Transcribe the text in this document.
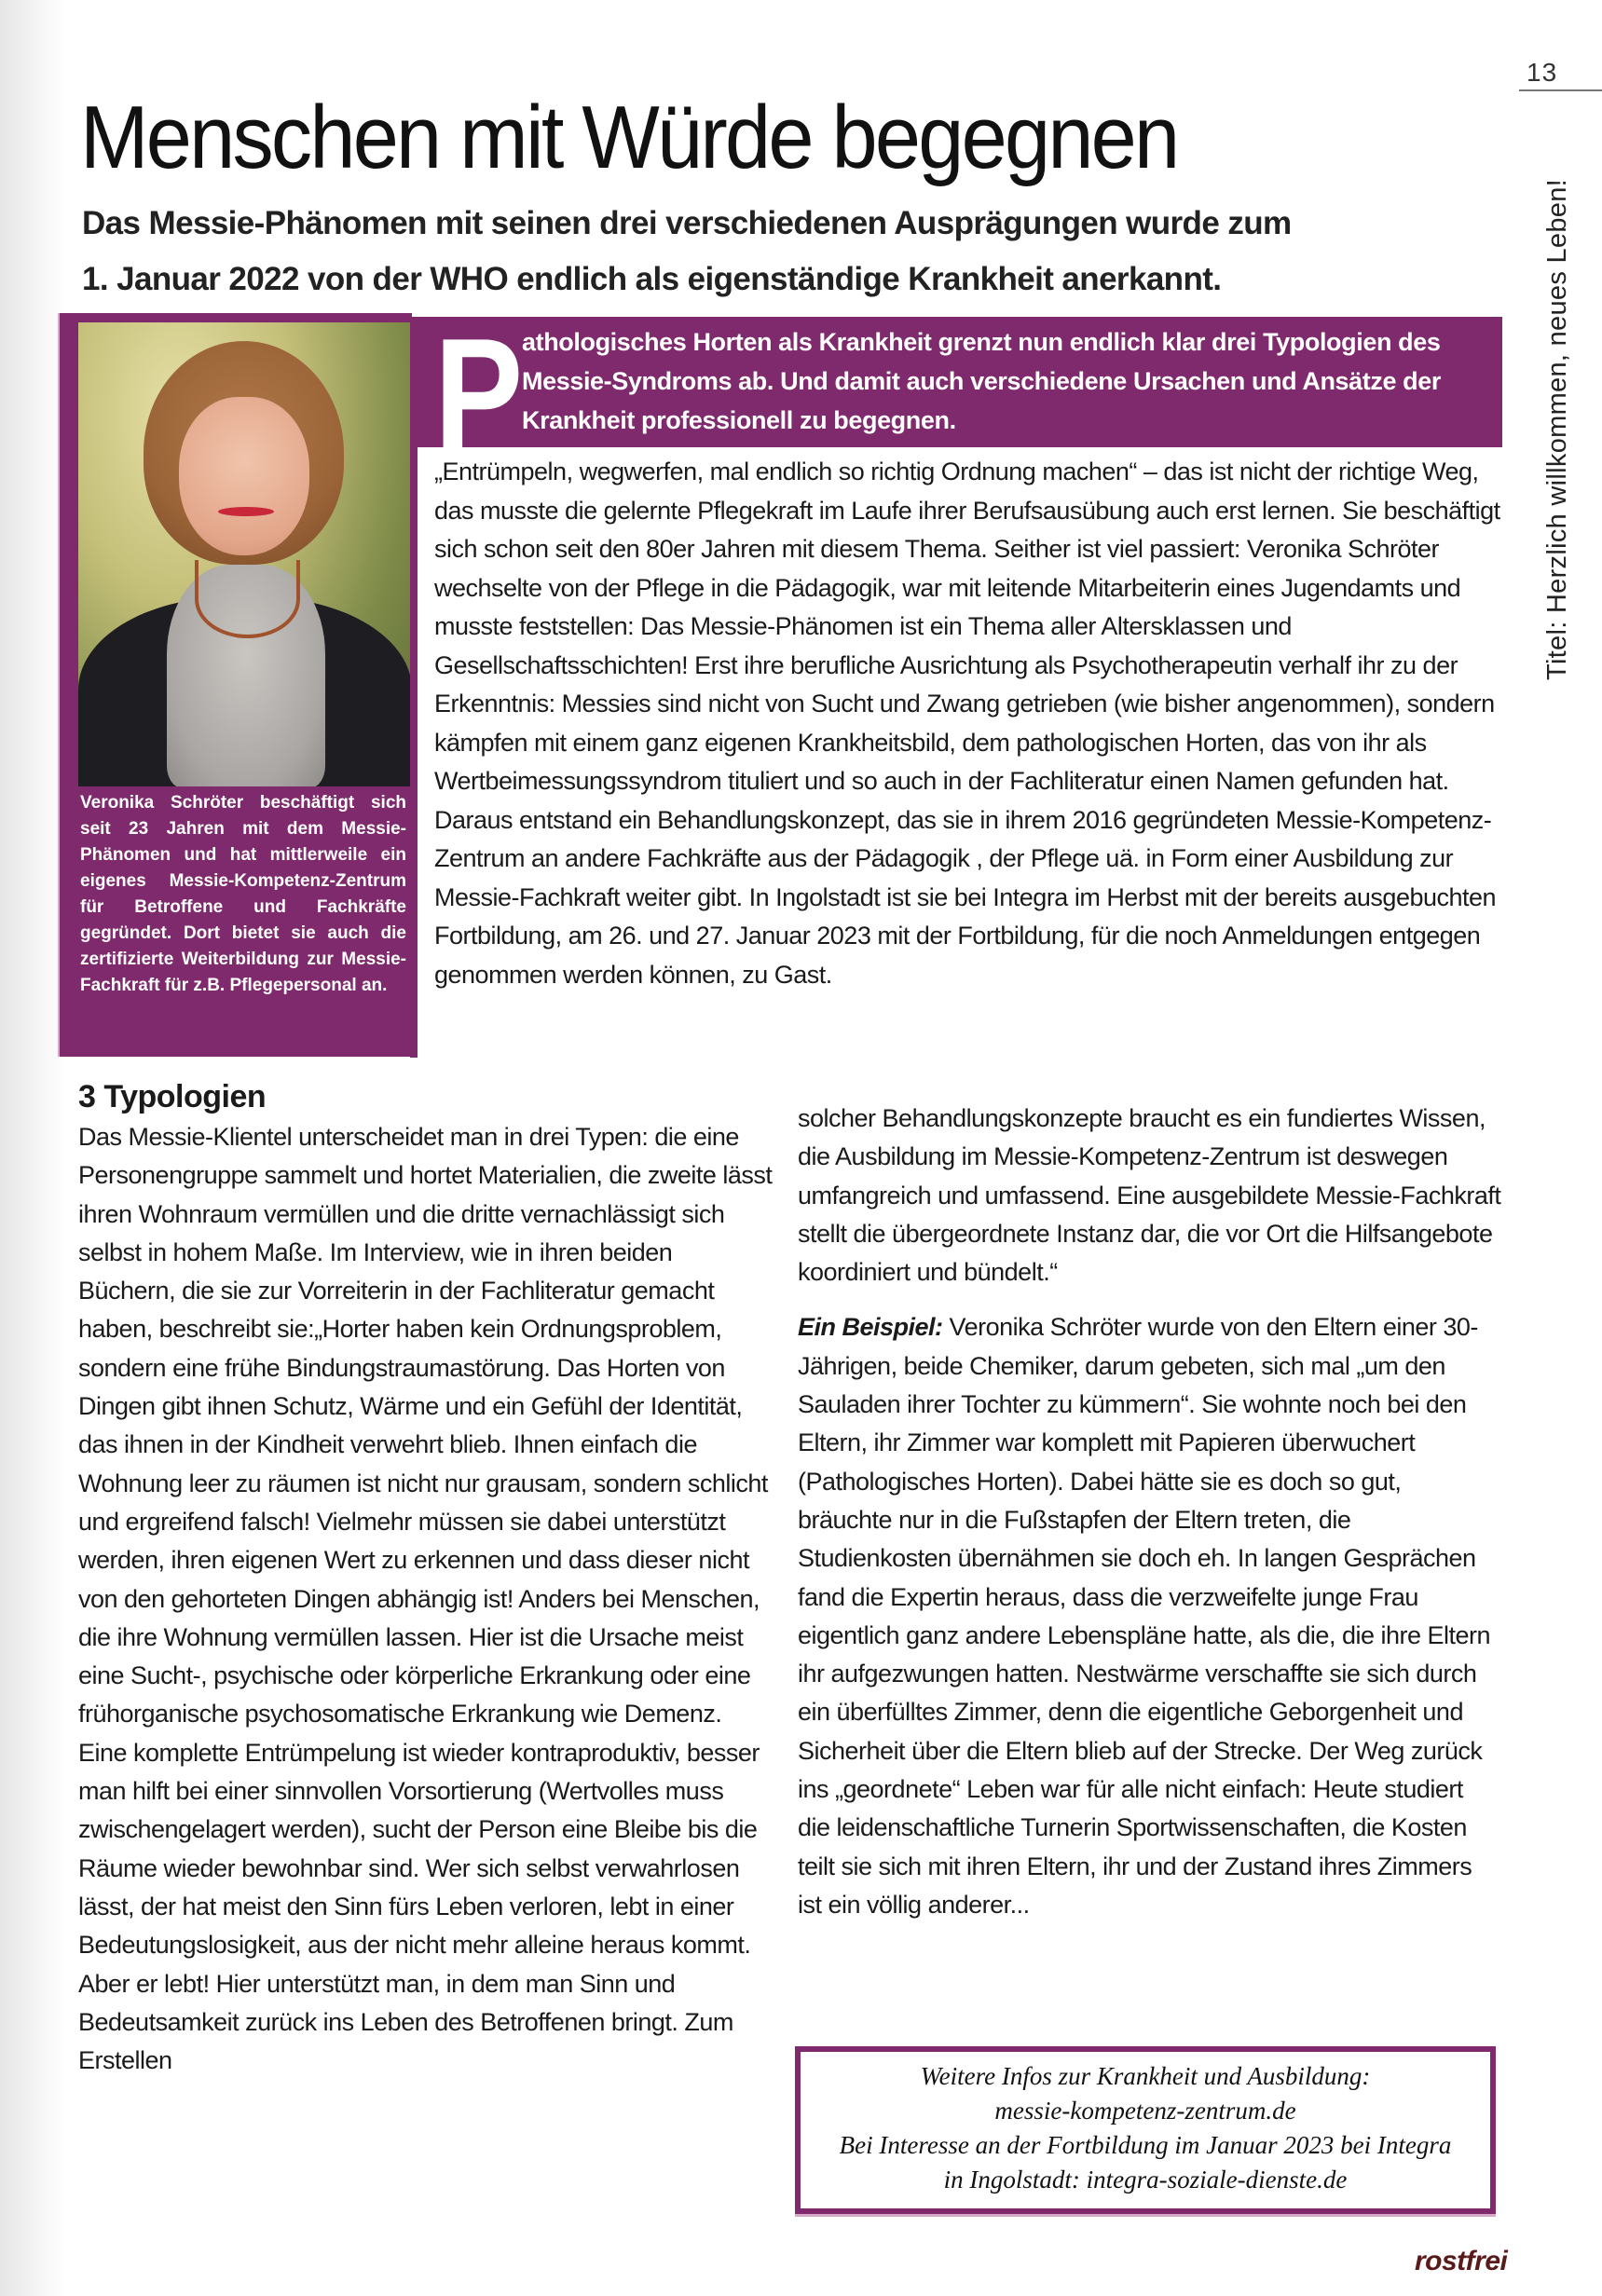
13
Titel: Herzlich willkommen, neues Leben!
Menschen mit Würde begegnen
Das Messie-Phänomen mit seinen drei verschiedenen Ausprägungen wurde zum
1. Januar 2022 von der WHO endlich als eigenständige Krankheit anerkannt.
Veronika Schröter beschäftigt sich seit 23 Jahren mit dem Messie-Phänomen und hat mittlerweile ein eigenes Messie-Kompetenz-Zentrum für Betroffene und Fachkräfte gegründet. Dort bietet sie auch die zertifizierte Weiterbildung zur Messie-Fachkraft für z.B. Pflegepersonal an.
P athologisches Horten als Krankheit grenzt nun endlich klar drei Typologien des Messie-Syndroms ab. Und damit auch verschiedene Ursachen und Ansätze der Krankheit professionell zu begegnen.

„Entrümpeln, wegwerfen, mal endlich so richtig Ordnung machen“ – das ist nicht der richtige Weg, das musste die gelernte Pflegekraft im Laufe ihrer Berufsausübung auch erst lernen. Sie beschäftigt sich schon seit den 80er Jahren mit diesem Thema. Seither ist viel passiert: Veronika Schröter wechselte von der Pflege in die Pädagogik, war mit leitende Mitarbeiterin eines Jugendamts und musste feststellen: Das Messie-Phänomen ist ein Thema aller Altersklassen und Gesellschaftsschichten! Erst ihre berufliche Ausrichtung als Psychotherapeutin verhalf ihr zu der Erkenntnis: Messies sind nicht von Sucht und Zwang getrieben (wie bisher angenommen), sondern kämpfen mit einem ganz eigenen Krankheitsbild, dem pathologischen Horten, das von ihr als Wertbeimessungssyndrom tituliert und so auch in der Fachliteratur einen Namen gefunden hat. Daraus entstand ein Behandlungskonzept, das sie in ihrem 2016 gegründeten Messie-Kompetenz-Zentrum an andere Fachkräfte aus der Pädagogik , der Pflege uä. in Form einer Ausbildung zur Messie-Fachkraft weiter gibt. In Ingolstadt ist sie bei Integra im Herbst mit der bereits ausgebuchten Fortbildung, am 26. und 27. Januar 2023 mit der Fortbildung, für die noch Anmeldungen entgegen genommen werden können, zu Gast.

3 Typologien

Das Messie-Klientel unterscheidet man in drei Typen: die eine Personengruppe sammelt und hortet Materialien, die zweite lässt ihren Wohnraum vermüllen und die dritte vernachlässigt sich selbst in hohem Maße. Im Interview, wie in ihren beiden Büchern, die sie zur Vorreiterin in der Fachliteratur gemacht haben, beschreibt sie:„Horter haben kein Ordnungsproblem, sondern eine frühe Bindungstraumastörung. Das Horten von Dingen gibt ihnen Schutz, Wärme und ein Gefühl der Identität, das ihnen in der Kindheit verwehrt blieb. Ihnen einfach die Wohnung leer zu räumen ist nicht nur grausam, sondern schlicht und ergreifend falsch! Vielmehr müssen sie dabei unterstützt werden, ihren eigenen Wert zu erkennen und dass dieser nicht von den gehorteten Dingen abhängig ist! Anders bei Menschen, die ihre Wohnung vermüllen lassen. Hier ist die Ursache meist eine Sucht-, psychische oder körperliche Erkrankung oder eine frühorganische psychosomatische Erkrankung wie Demenz. Eine komplette Entrümpelung ist wieder kontraproduktiv, besser man hilft bei einer sinnvollen Vorsortierung (Wertvolles muss zwischengelagert werden), sucht der Person eine Bleibe bis die Räume wieder bewohnbar sind. Wer sich selbst verwahrlosen lässt, der hat meist den Sinn fürs Leben verloren, lebt in einer Bedeutungslosigkeit, aus der nicht mehr alleine heraus kommt. Aber er lebt! Hier unterstützt man, in dem man Sinn und Bedeutsamkeit zurück ins Leben des Betroffenen bringt. Zum Erstellen

solcher Behandlungskonzepte braucht es ein fundiertes Wissen, die Ausbildung im Messie-Kompetenz-Zentrum ist deswegen umfangreich und umfassend. Eine ausgebildete Messie-Fachkraft stellt die übergeordnete Instanz dar, die vor Ort die Hilfsangebote koordiniert und bündelt.“

Ein Beispiel: Veronika Schröter wurde von den Eltern einer 30-Jährigen, beide Chemiker, darum gebeten, sich mal „um den Sauladen ihrer Tochter zu kümmern“. Sie wohnte noch bei den Eltern, ihr Zimmer war komplett mit Papieren überwuchert (Pathologisches Horten). Dabei hätte sie es doch so gut, bräuchte nur in die Fußstapfen der Eltern treten, die Studienkosten übernähmen sie doch eh. In langen Gesprächen fand die Expertin heraus, dass die verzweifelte junge Frau eigentlich ganz andere Lebenspläne hatte, als die, die ihre Eltern ihr aufgezwungen hatten. Nestwärme verschaffte sie sich durch ein überfülltes Zimmer, denn die eigentliche Geborgenheit und Sicherheit über die Eltern blieb auf der Strecke. Der Weg zurück ins „geordnete“ Leben war für alle nicht einfach: Heute studiert die leidenschaftliche Turnerin Sportwissenschaften, die Kosten teilt sie sich mit ihren Eltern, ihr und der Zustand ihres Zimmers ist ein völlig anderer...

Weitere Infos zur Krankheit und Ausbildung:
messie-kompetenz-zentrum.de
Bei Interesse an der Fortbildung im Januar 2023 bei Integra
in Ingolstadt: integra-soziale-dienste.de
rostfrei
